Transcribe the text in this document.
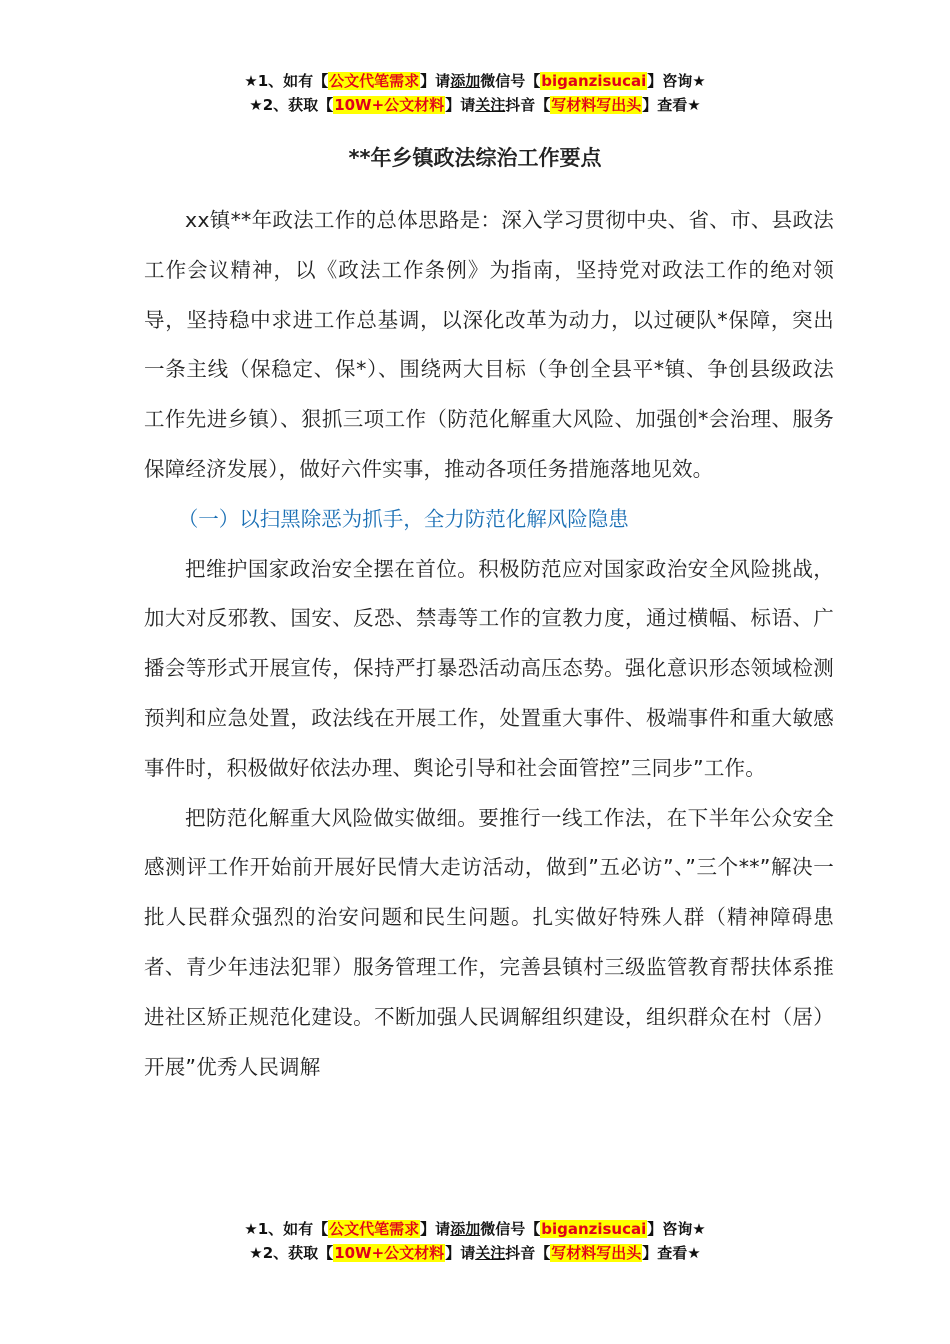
★1、如有【公文代笔需求】请添加微信号【biganzisucai】咨询★
★2、获取【10W+公文材料】请关注抖音【写材料写出头】查看★
**年乡镇政法综治工作要点

xx镇**年政法工作的总体思路是：深入学习贯彻中央、省、市、县政法工作会议精神，以《政法工作条例》为指南，坚持党对政法工作的绝对领导，坚持稳中求进工作总基调，以深化改革为动力，以过硬队*保障，突出一条主线（保稳定、保*）、围绕两大目标（争创全县平*镇、争创县级政法工作先进乡镇）、狠抓三项工作（防范化解重大风险、加强创*会治理、服务保障经济发展），做好六件实事，推动各项任务措施落地见效。

（一）以扫黑除恶为抓手，全力防范化解风险隐患

把维护国家政治安全摆在首位。积极防范应对国家政治安全风险挑战，加大对反邪教、国安、反恐、禁毒等工作的宣教力度，通过横幅、标语、广播会等形式开展宣传，保持严打暴恐活动高压态势。强化意识形态领域检测预判和应急处置，政法线在开展工作，处置重大事件、极端事件和重大敏感事件时，积极做好依法办理、舆论引导和社会面管控”三同步”工作。

把防范化解重大风险做实做细。要推行一线工作法，在下半年公众安全感测评工作开始前开展好民情大走访活动，做到”五必访”、”三个**”解决一批人民群众强烈的治安问题和民生问题。扎实做好特殊人群（精神障碍患者、青少年违法犯罪）服务管理工作，完善县镇村三级监管教育帮扶体系推进社区矫正规范化建设。不断加强人民调解组织建设，组织群众在村（居）开展”优秀人民调解

★1、如有【公文代笔需求】请添加微信号【biganzisucai】咨询★
★2、获取【10W+公文材料】请关注抖音【写材料写出头】查看★
